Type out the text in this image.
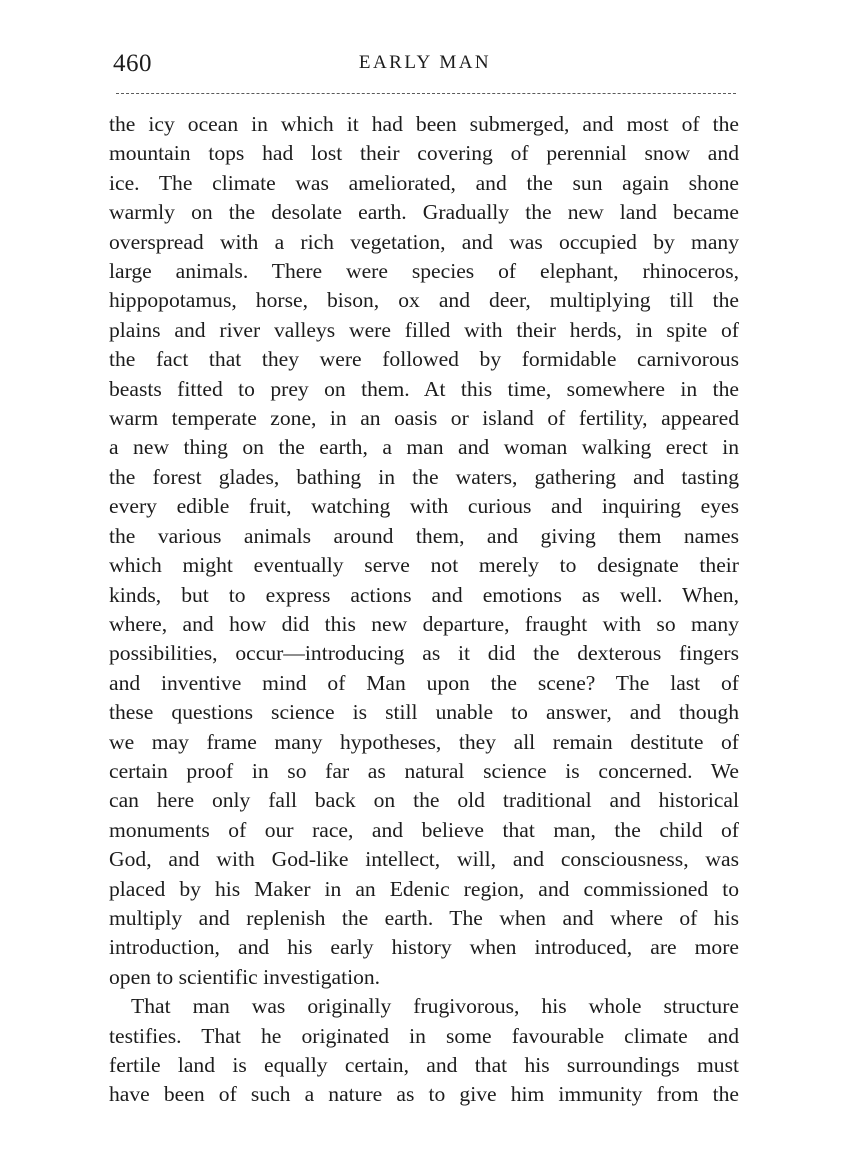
460	EARLY MAN
the icy ocean in which it had been submerged, and most of the
mountain tops had lost their covering of perennial snow and
ice. The climate was ameliorated, and the sun again shone
warmly on the desolate earth. Gradually the new land became
overspread with a rich vegetation, and was occupied by many
large animals. There were species of elephant, rhinoceros,
hippopotamus, horse, bison, ox and deer, multiplying till the
plains and river valleys were filled with their herds, in spite of
the fact that they were followed by formidable carnivorous
beasts fitted to prey on them. At this time, somewhere in the
warm temperate zone, in an oasis or island of fertility, appeared
a new thing on the earth, a man and woman walking erect in
the forest glades, bathing in the waters, gathering and tasting
every edible fruit, watching with curious and inquiring eyes
the various animals around them, and giving them names
which might eventually serve not merely to designate their
kinds, but to express actions and emotions as well. When,
where, and how did this new departure, fraught with so many
possibilities, occur—introducing as it did the dexterous fingers
and inventive mind of Man upon the scene? The last of
these questions science is still unable to answer, and though
we may frame many hypotheses, they all remain destitute of
certain proof in so far as natural science is concerned. We
can here only fall back on the old traditional and historical
monuments of our race, and believe that man, the child of
God, and with God-like intellect, will, and consciousness, was
placed by his Maker in an Edenic region, and commissioned to
multiply and replenish the earth. The when and where of his
introduction, and his early history when introduced, are more
open to scientific investigation.
That man was originally frugivorous, his whole structure
testifies. That he originated in some favourable climate and
fertile land is equally certain, and that his surroundings must
have been of such a nature as to give him immunity from the
